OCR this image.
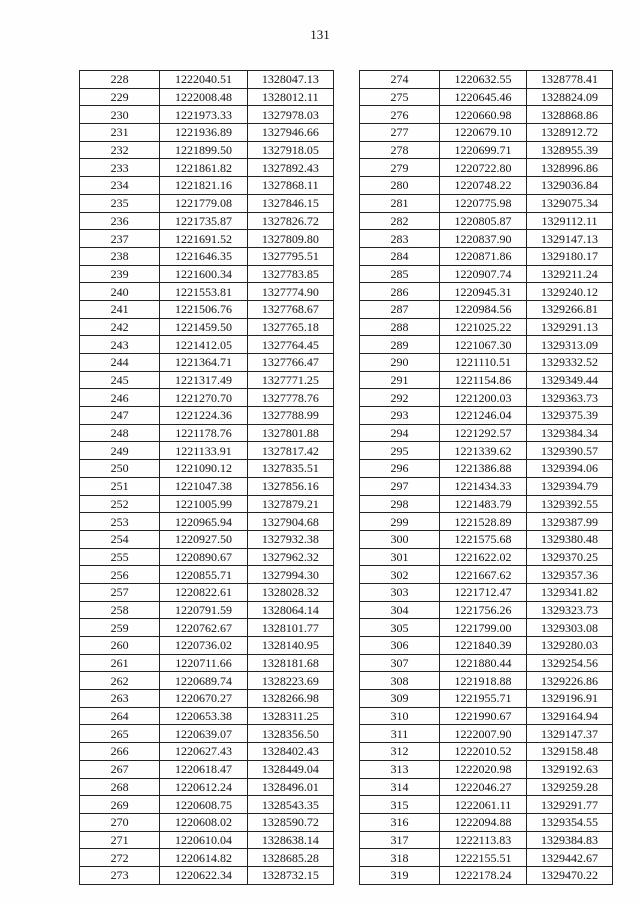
131
228	1222040.51	1328047.13
229	1222008.48	1328012.11
230	1221973.33	1327978.03
231	1221936.89	1327946.66
232	1221899.50	1327918.05
233	1221861.82	1327892.43
234	1221821.16	1327868.11
235	1221779.08	1327846.15
236	1221735.87	1327826.72
237	1221691.52	1327809.80
238	1221646.35	1327795.51
239	1221600.34	1327783.85
240	1221553.81	1327774.90
241	1221506.76	1327768.67
242	1221459.50	1327765.18
243	1221412.05	1327764.45
244	1221364.71	1327766.47
245	1221317.49	1327771.25
246	1221270.70	1327778.76
247	1221224.36	1327788.99
248	1221178.76	1327801.88
249	1221133.91	1327817.42
250	1221090.12	1327835.51
251	1221047.38	1327856.16
252	1221005.99	1327879.21
253	1220965.94	1327904.68
254	1220927.50	1327932.38
255	1220890.67	1327962.32
256	1220855.71	1327994.30
257	1220822.61	1328028.32
258	1220791.59	1328064.14
259	1220762.67	1328101.77
260	1220736.02	1328140.95
261	1220711.66	1328181.68
262	1220689.74	1328223.69
263	1220670.27	1328266.98
264	1220653.38	1328311.25
265	1220639.07	1328356.50
266	1220627.43	1328402.43
267	1220618.47	1328449.04
268	1220612.24	1328496.01
269	1220608.75	1328543.35
270	1220608.02	1328590.72
271	1220610.04	1328638.14
272	1220614.82	1328685.28
273	1220622.34	1328732.15
274	1220632.55	1328778.41
275	1220645.46	1328824.09
276	1220660.98	1328868.86
277	1220679.10	1328912.72
278	1220699.71	1328955.39
279	1220722.80	1328996.86
280	1220748.22	1329036.84
281	1220775.98	1329075.34
282	1220805.87	1329112.11
283	1220837.90	1329147.13
284	1220871.86	1329180.17
285	1220907.74	1329211.24
286	1220945.31	1329240.12
287	1220984.56	1329266.81
288	1221025.22	1329291.13
289	1221067.30	1329313.09
290	1221110.51	1329332.52
291	1221154.86	1329349.44
292	1221200.03	1329363.73
293	1221246.04	1329375.39
294	1221292.57	1329384.34
295	1221339.62	1329390.57
296	1221386.88	1329394.06
297	1221434.33	1329394.79
298	1221483.79	1329392.55
299	1221528.89	1329387.99
300	1221575.68	1329380.48
301	1221622.02	1329370.25
302	1221667.62	1329357.36
303	1221712.47	1329341.82
304	1221756.26	1329323.73
305	1221799.00	1329303.08
306	1221840.39	1329280.03
307	1221880.44	1329254.56
308	1221918.88	1329226.86
309	1221955.71	1329196.91
310	1221990.67	1329164.94
311	1222007.90	1329147.37
312	1222010.52	1329158.48
313	1222020.98	1329192.63
314	1222046.27	1329259.28
315	1222061.11	1329291.77
316	1222094.88	1329354.55
317	1222113.83	1329384.83
318	1222155.51	1329442.67
319	1222178.24	1329470.22
